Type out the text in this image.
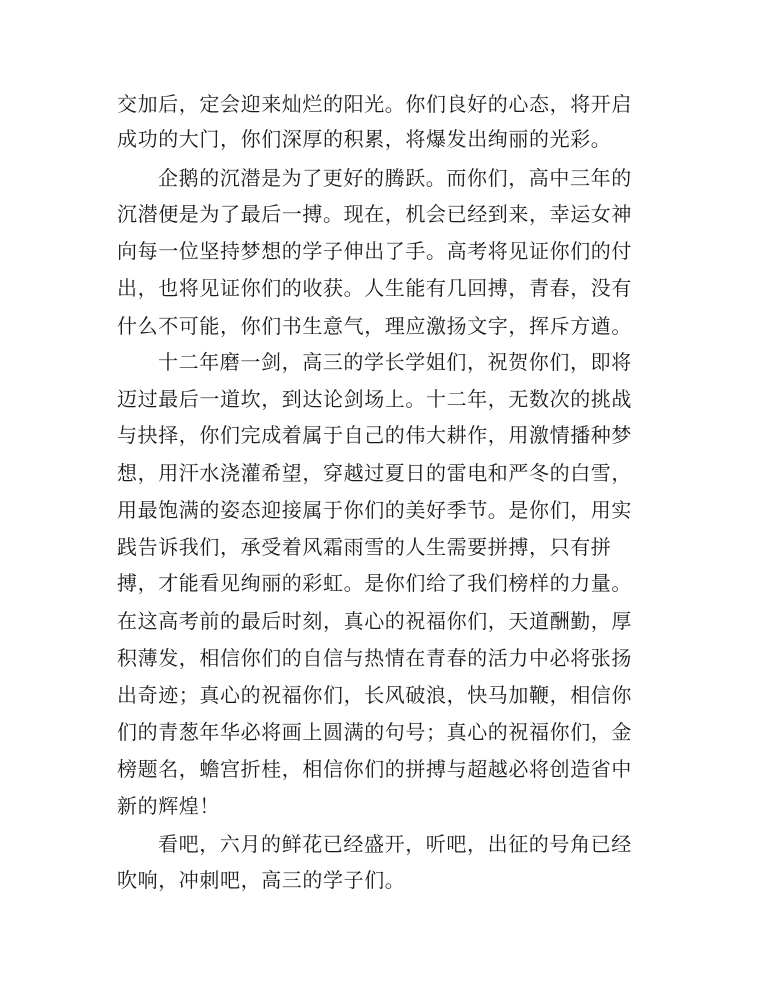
交加后，定会迎来灿烂的阳光。你们良好的心态，将开启
成功的大门，你们深厚的积累，将爆发出绚丽的光彩。
企鹅的沉潜是为了更好的腾跃。而你们，高中三年的
沉潜便是为了最后一搏。现在，机会已经到来，幸运女神
向每一位坚持梦想的学子伸出了手。高考将见证你们的付
出，也将见证你们的收获。人生能有几回搏，青春，没有
什么不可能，你们书生意气，理应激扬文字，挥斥方遒。
十二年磨一剑，高三的学长学姐们，祝贺你们，即将
迈过最后一道坎，到达论剑场上。十二年，无数次的挑战
与抉择，你们完成着属于自己的伟大耕作，用激情播种梦
想，用汗水浇灌希望，穿越过夏日的雷电和严冬的白雪，
用最饱满的姿态迎接属于你们的美好季节。是你们，用实
践告诉我们，承受着风霜雨雪的人生需要拼搏，只有拼
搏，才能看见绚丽的彩虹。是你们给了我们榜样的力量。
在这高考前的最后时刻，真心的祝福你们，天道酬勤，厚
积薄发，相信你们的自信与热情在青春的活力中必将张扬
出奇迹；真心的祝福你们，长风破浪，快马加鞭，相信你
们的青葱年华必将画上圆满的句号；真心的祝福你们，金
榜题名，蟾宫折桂，相信你们的拼搏与超越必将创造省中
新的辉煌！
看吧，六月的鲜花已经盛开，听吧，出征的号角已经
吹响，冲刺吧，高三的学子们。
